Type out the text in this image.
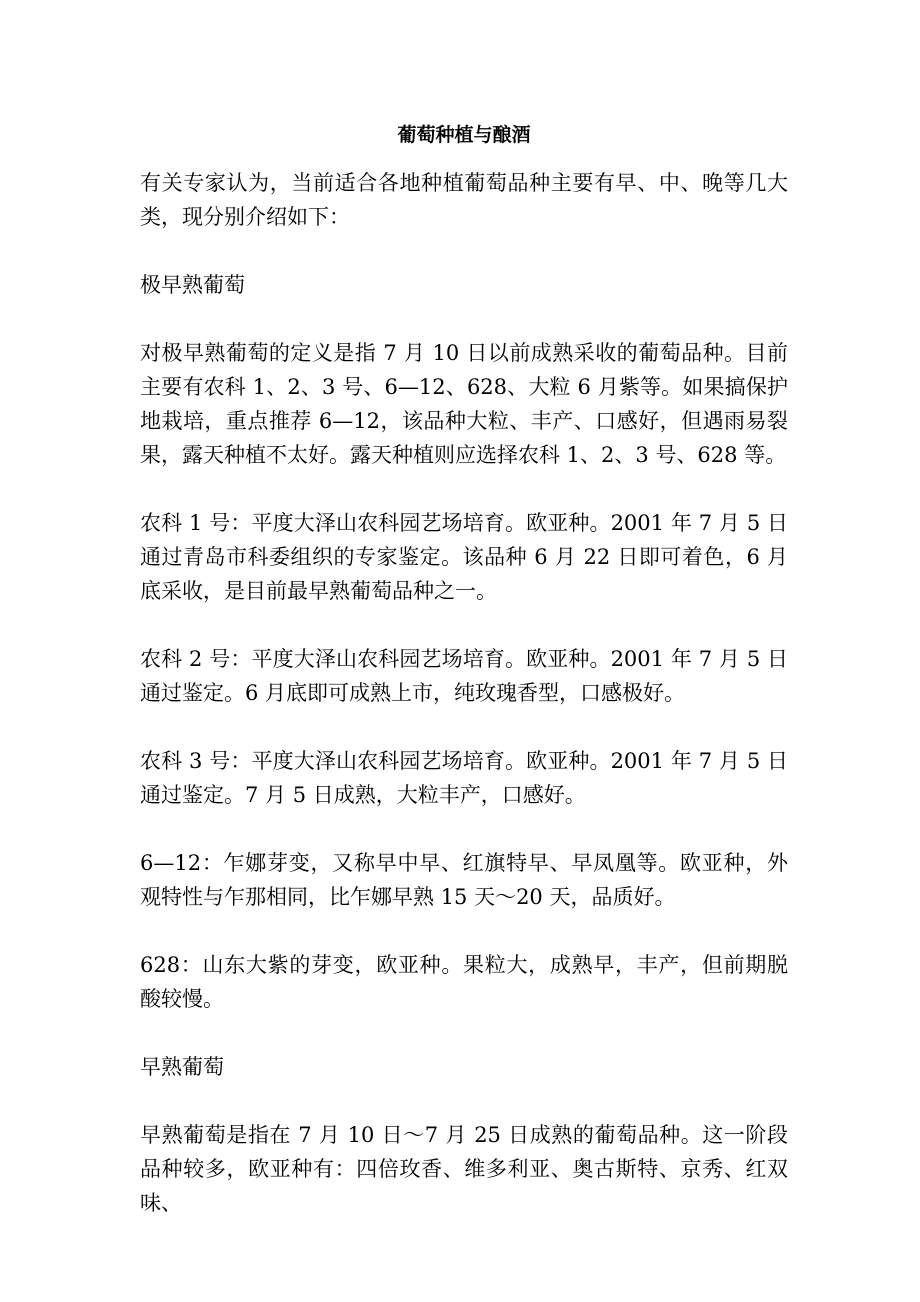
葡萄种植与酿酒
有关专家认为，当前适合各地种植葡萄品种主要有早、中、晚等几大类，现分别介绍如下：
极早熟葡萄
对极早熟葡萄的定义是指 7 月 10 日以前成熟采收的葡萄品种。目前主要有农科 1、2、3 号、6—12、628、大粒 6 月紫等。如果搞保护地栽培，重点推荐 6—12，该品种大粒、丰产、口感好，但遇雨易裂果，露天种植不太好。露天种植则应选择农科 1、2、3 号、628 等。
农科 1 号：平度大泽山农科园艺场培育。欧亚种。2001 年 7 月 5 日通过青岛市科委组织的专家鉴定。该品种 6 月 22 日即可着色，6 月底采收，是目前最早熟葡萄品种之一。
农科 2 号：平度大泽山农科园艺场培育。欧亚种。2001 年 7 月 5 日通过鉴定。6 月底即可成熟上市，纯玫瑰香型，口感极好。
农科 3 号：平度大泽山农科园艺场培育。欧亚种。2001 年 7 月 5 日通过鉴定。7 月 5 日成熟，大粒丰产，口感好。
6—12：乍娜芽变，又称早中早、红旗特早、早凤凰等。欧亚种，外观特性与乍那相同，比乍娜早熟 15 天～20 天，品质好。
628：山东大紫的芽变，欧亚种。果粒大，成熟早，丰产，但前期脱酸较慢。
早熟葡萄
早熟葡萄是指在 7 月 10 日～7 月 25 日成熟的葡萄品种。这一阶段品种较多，欧亚种有：四倍玫香、维多利亚、奥古斯特、京秀、红双味、
